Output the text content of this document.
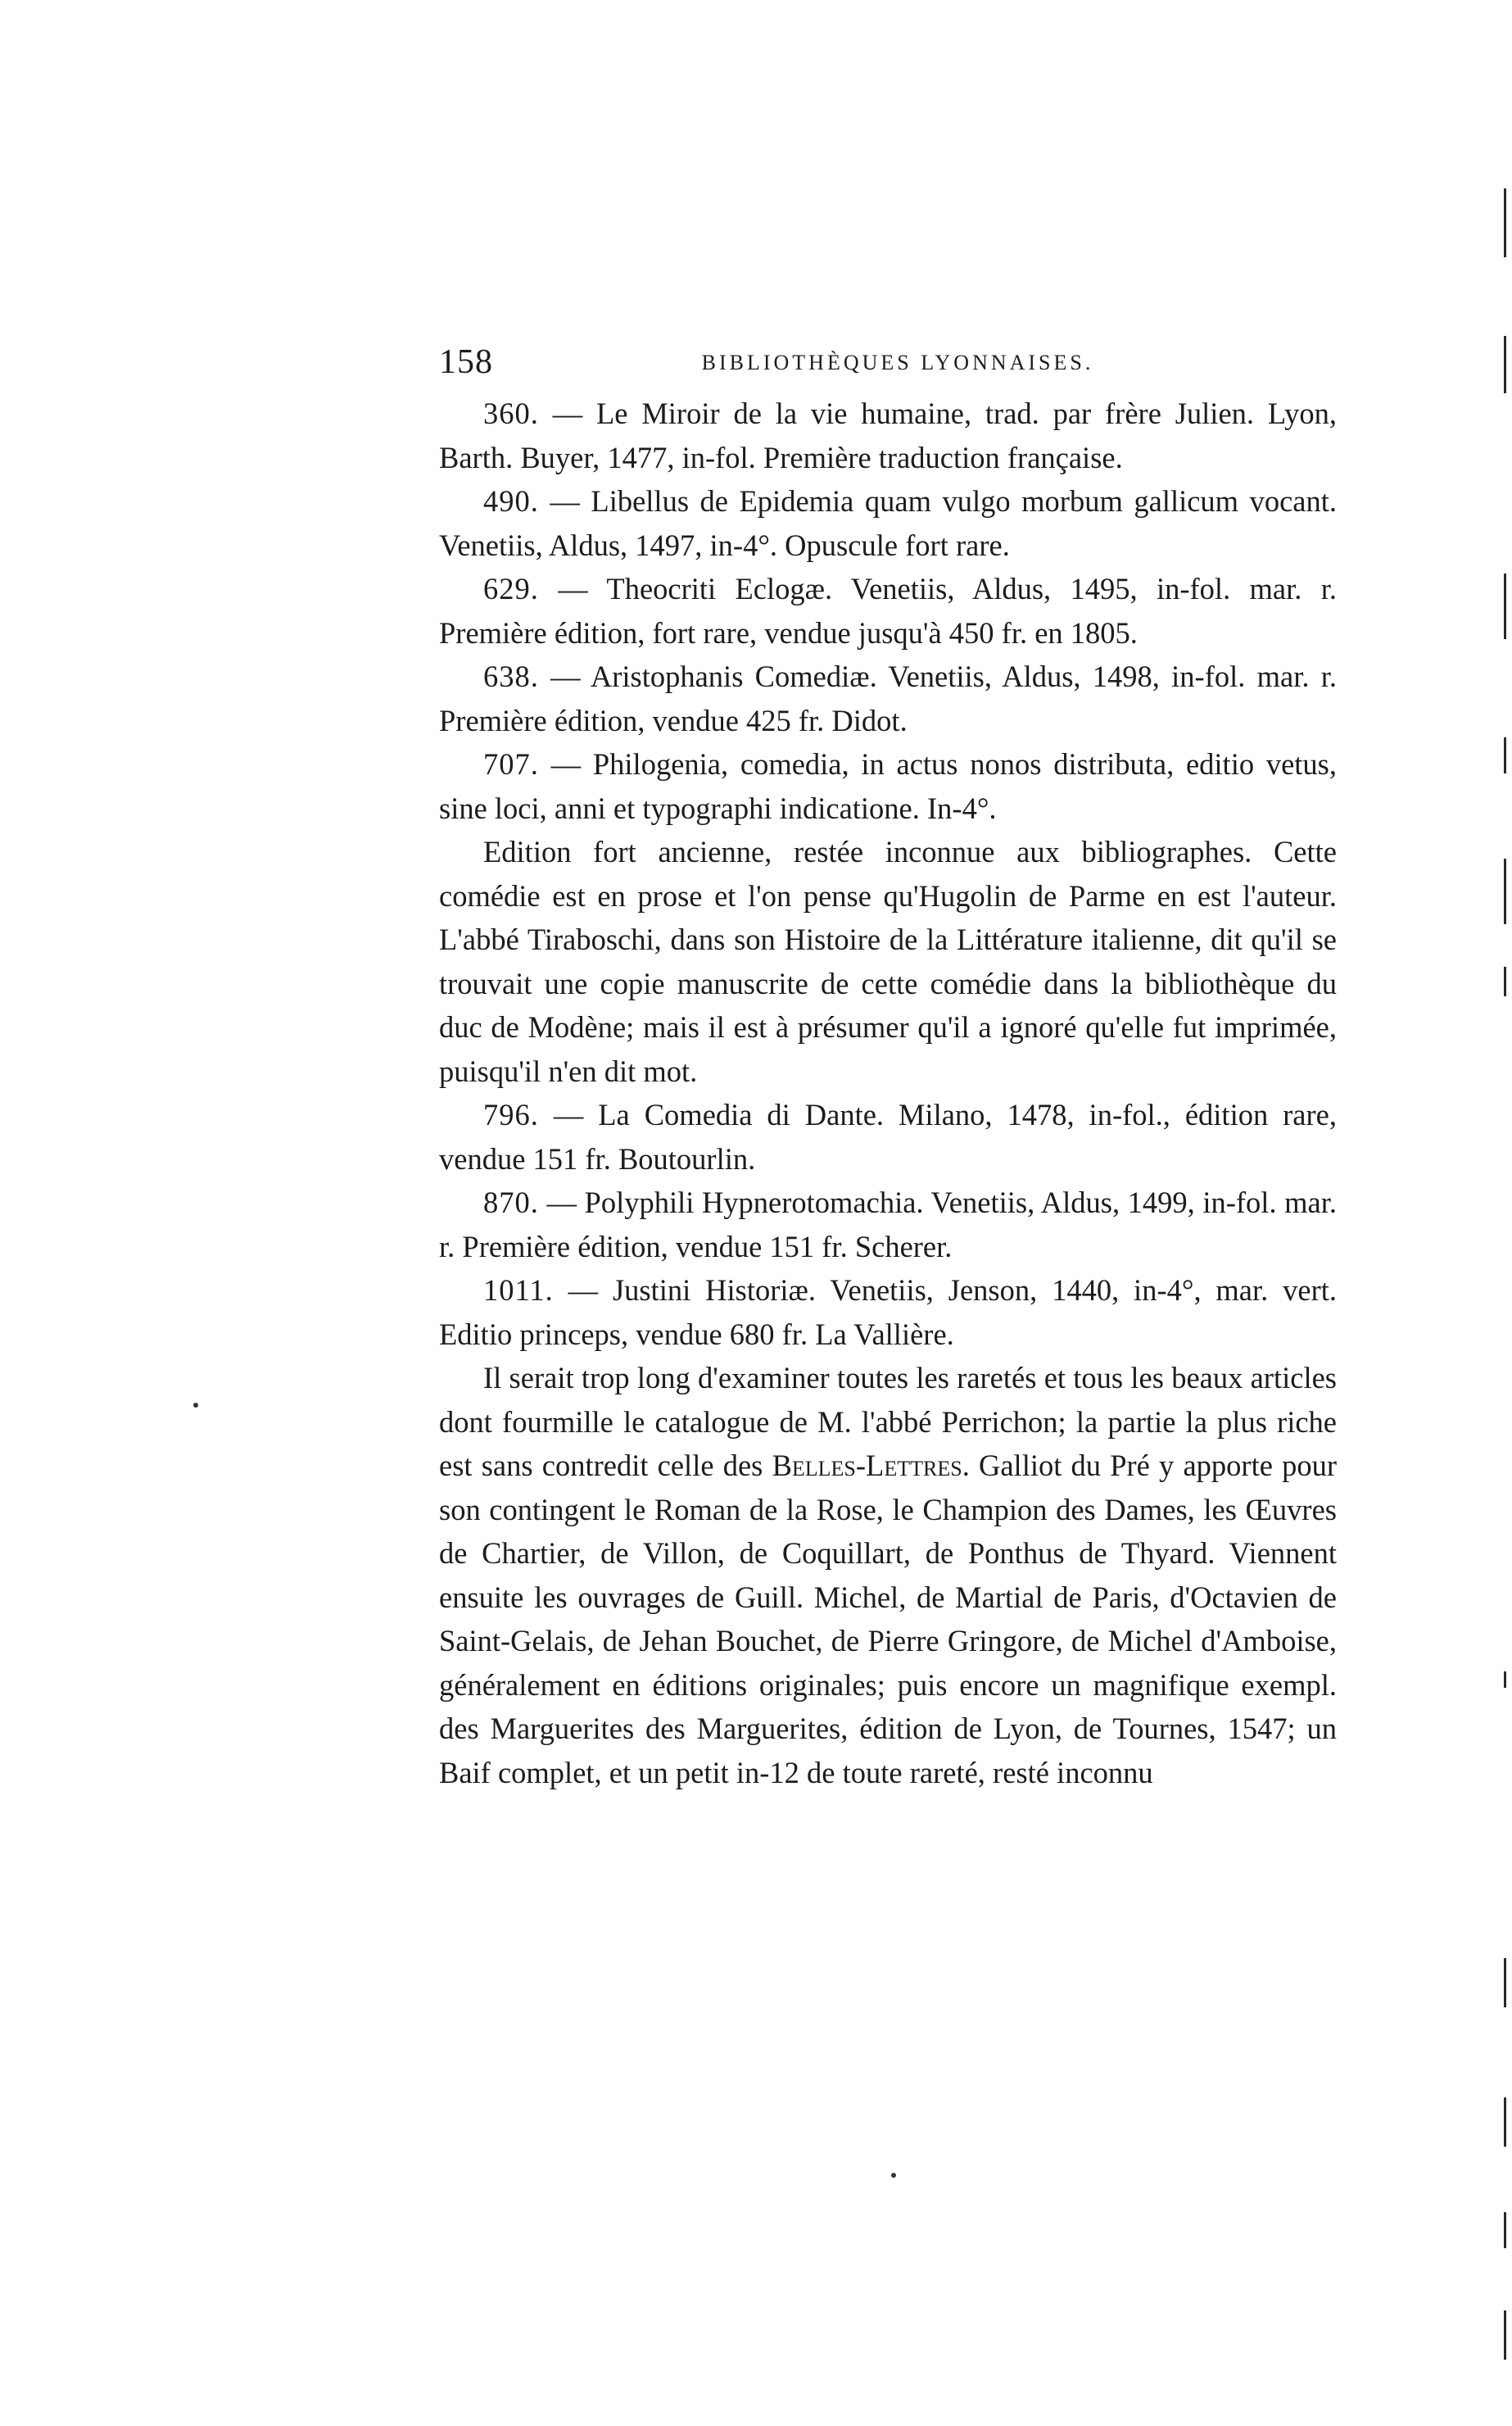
158	BIBLIOTHÈQUES LYONNAISES.

360. — Le Miroir de la vie humaine, trad. par frère Julien. Lyon, Barth. Buyer, 1477, in-fol. Première traduction française.

490. — Libellus de Epidemia quam vulgo morbum gallicum vocant. Venetiis, Aldus, 1497, in-4°. Opuscule fort rare.

629. — Theocriti Eclogæ. Venetiis, Aldus, 1495, in-fol. mar. r. Première édition, fort rare, vendue jusqu'à 450 fr. en 1805.

638. — Aristophanis Comediæ. Venetiis, Aldus, 1498, in-fol. mar. r. Première édition, vendue 425 fr. Didot.

707. — Philogenia, comedia, in actus nonos distributa, editio vetus, sine loci, anni et typographi indicatione. In-4°.

Edition fort ancienne, restée inconnue aux bibliographes. Cette comédie est en prose et l'on pense qu'Hugolin de Parme en est l'auteur. L'abbé Tiraboschi, dans son Histoire de la Littérature italienne, dit qu'il se trouvait une copie manuscrite de cette comédie dans la bibliothèque du duc de Modène; mais il est à présumer qu'il a ignoré qu'elle fut imprimée, puisqu'il n'en dit mot.

796. — La Comedia di Dante. Milano, 1478, in-fol., édition rare, vendue 151 fr. Boutourlin.

870. — Polyphili Hypnerotomachia. Venetiis, Aldus, 1499, in-fol. mar. r. Première édition, vendue 151 fr. Scherer.

1011. — Justini Historiæ. Venetiis, Jenson, 1440, in-4°, mar. vert. Editio princeps, vendue 680 fr. La Vallière.

Il serait trop long d'examiner toutes les raretés et tous les beaux articles dont fourmille le catalogue de M. l'abbé Perrichon; la partie la plus riche est sans contredit celle des Belles-Lettres. Galliot du Pré y apporte pour son contingent le Roman de la Rose, le Champion des Dames, les Œuvres de Chartier, de Villon, de Coquillart, de Ponthus de Thyard. Viennent ensuite les ouvrages de Guill. Michel, de Martial de Paris, d'Octavien de Saint-Gelais, de Jehan Bouchet, de Pierre Gringore, de Michel d'Amboise, généralement en éditions originales; puis encore un magnifique exempl. des Marguerites des Marguerites, édition de Lyon, de Tournes, 1547; un Baif complet, et un petit in-12 de toute rareté, resté inconnu
